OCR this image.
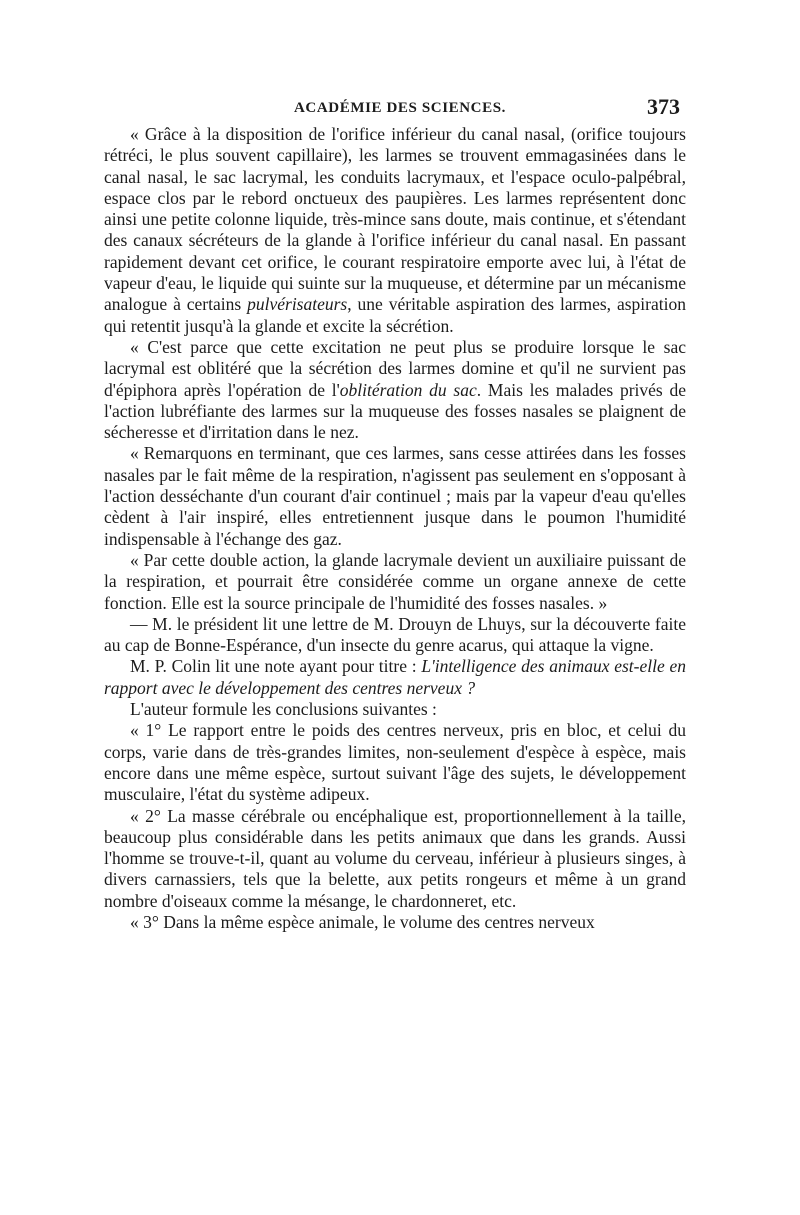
ACADÉMIE DES SCIENCES.	373

« Grâce à la disposition de l'orifice inférieur du canal nasal, (orifice toujours rétréci, le plus souvent capillaire), les larmes se trouvent emmagasinées dans le canal nasal, le sac lacrymal, les conduits lacrymaux, et l'espace oculo-palpébral, espace clos par le rebord onctueux des paupières. Les larmes représentent donc ainsi une petite colonne liquide, très-mince sans doute, mais continue, et s'étendant des canaux sécréteurs de la glande à l'orifice inférieur du canal nasal. En passant rapidement devant cet orifice, le courant respiratoire emporte avec lui, à l'état de vapeur d'eau, le liquide qui suinte sur la muqueuse, et détermine par un mécanisme analogue à certains pulvérisateurs, une véritable aspiration des larmes, aspiration qui retentit jusqu'à la glande et excite la sécrétion.

« C'est parce que cette excitation ne peut plus se produire lorsque le sac lacrymal est oblitéré que la sécrétion des larmes domine et qu'il ne survient pas d'épiphora après l'opération de l'oblitération du sac. Mais les malades privés de l'action lubréfiante des larmes sur la muqueuse des fosses nasales se plaignent de sécheresse et d'irritation dans le nez.

« Remarquons en terminant, que ces larmes, sans cesse attirées dans les fosses nasales par le fait même de la respiration, n'agissent pas seulement en s'opposant à l'action desséchante d'un courant d'air continuel ; mais par la vapeur d'eau qu'elles cèdent à l'air inspiré, elles entretiennent jusque dans le poumon l'humidité indispensable à l'échange des gaz.

« Par cette double action, la glande lacrymale devient un auxiliaire puissant de la respiration, et pourrait être considérée comme un organe annexe de cette fonction. Elle est la source principale de l'humidité des fosses nasales. »

— M. le président lit une lettre de M. Drouyn de Lhuys, sur la découverte faite au cap de Bonne-Espérance, d'un insecte du genre acarus, qui attaque la vigne.

M. P. Colin lit une note ayant pour titre : L'intelligence des animaux est-elle en rapport avec le développement des centres nerveux ?

L'auteur formule les conclusions suivantes :

« 1° Le rapport entre le poids des centres nerveux, pris en bloc, et celui du corps, varie dans de très-grandes limites, non-seulement d'espèce à espèce, mais encore dans une même espèce, surtout suivant l'âge des sujets, le développement musculaire, l'état du système adipeux.

« 2° La masse cérébrale ou encéphalique est, proportionnellement à la taille, beaucoup plus considérable dans les petits animaux que dans les grands. Aussi l'homme se trouve-t-il, quant au volume du cerveau, inférieur à plusieurs singes, à divers carnassiers, tels que la belette, aux petits rongeurs et même à un grand nombre d'oiseaux comme la mésange, le chardonneret, etc.

« 3° Dans la même espèce animale, le volume des centres nerveux
